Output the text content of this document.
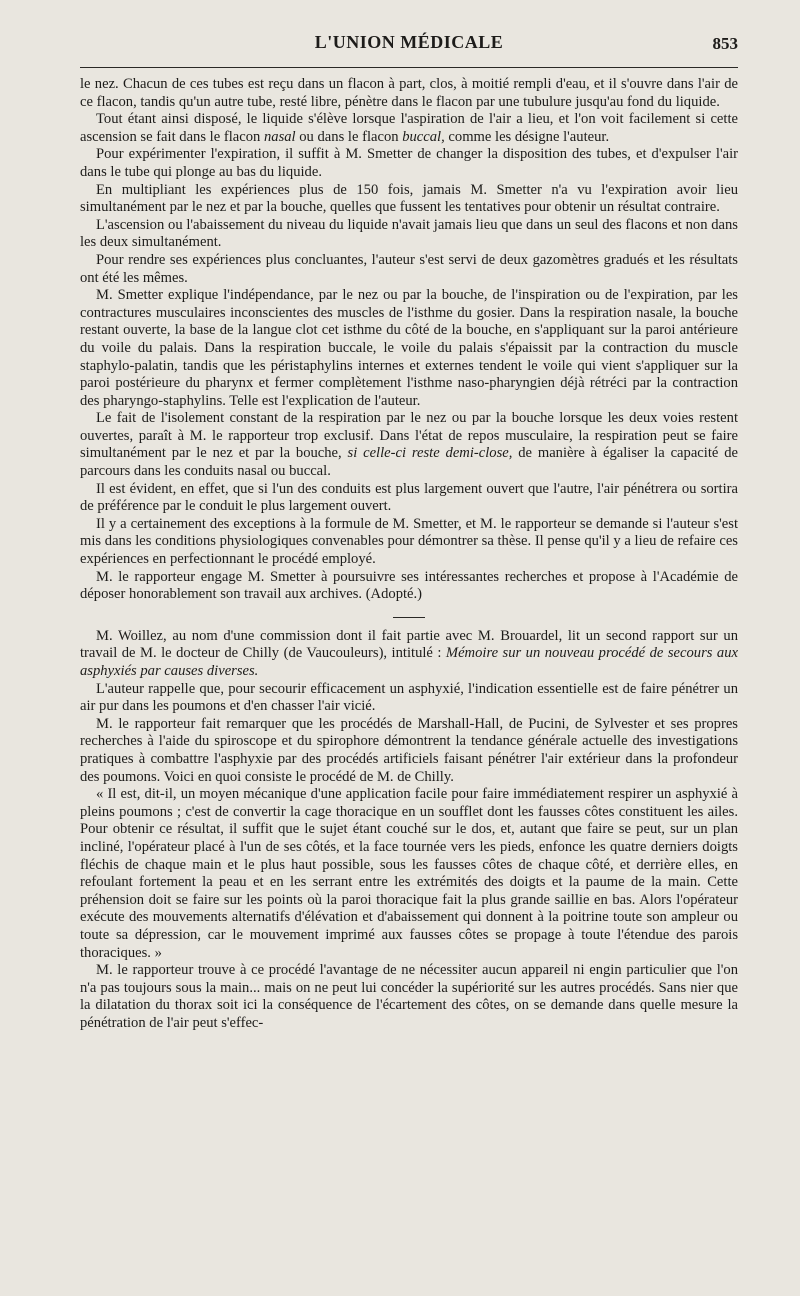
L'UNION MÉDICALE	853

le nez. Chacun de ces tubes est reçu dans un flacon à part, clos, à moitié rempli d'eau, et il s'ouvre dans l'air de ce flacon, tandis qu'un autre tube, resté libre, pénètre dans le flacon par une tubulure jusqu'au fond du liquide.

Tout étant ainsi disposé, le liquide s'élève lorsque l'aspiration de l'air a lieu, et l'on voit facilement si cette ascension se fait dans le flacon nasal ou dans le flacon buccal, comme les désigne l'auteur.

Pour expérimenter l'expiration, il suffit à M. Smetter de changer la disposition des tubes, et d'expulser l'air dans le tube qui plonge au bas du liquide.

En multipliant les expériences plus de 150 fois, jamais M. Smetter n'a vu l'expiration avoir lieu simultanément par le nez et par la bouche, quelles que fussent les tentatives pour obtenir un résultat contraire.

L'ascension ou l'abaissement du niveau du liquide n'avait jamais lieu que dans un seul des flacons et non dans les deux simultanément.

Pour rendre ses expériences plus concluantes, l'auteur s'est servi de deux gazomètres gradués et les résultats ont été les mêmes.

M. Smetter explique l'indépendance, par le nez ou par la bouche, de l'inspiration ou de l'expiration, par les contractures musculaires inconscientes des muscles de l'isthme du gosier. Dans la respiration nasale, la bouche restant ouverte, la base de la langue clot cet isthme du côté de la bouche, en s'appliquant sur la paroi antérieure du voile du palais. Dans la respiration buccale, le voile du palais s'épaissit par la contraction du muscle staphylo-palatin, tandis que les péristaphylins internes et externes tendent le voile qui vient s'appliquer sur la paroi postérieure du pharynx et fermer complètement l'isthme naso-pharyngien déjà rétréci par la contraction des pharyngo-staphylins. Telle est l'explication de l'auteur.

Le fait de l'isolement constant de la respiration par le nez ou par la bouche lorsque les deux voies restent ouvertes, paraît à M. le rapporteur trop exclusif. Dans l'état de repos musculaire, la respiration peut se faire simultanément par le nez et par la bouche, si celle-ci reste demi-close, de manière à égaliser la capacité de parcours dans les conduits nasal ou buccal.

Il est évident, en effet, que si l'un des conduits est plus largement ouvert que l'autre, l'air pénétrera ou sortira de préférence par le conduit le plus largement ouvert.

Il y a certainement des exceptions à la formule de M. Smetter, et M. le rapporteur se demande si l'auteur s'est mis dans les conditions physiologiques convenables pour démontrer sa thèse. Il pense qu'il y a lieu de refaire ces expériences en perfectionnant le procédé employé.

M. le rapporteur engage M. Smetter à poursuivre ses intéressantes recherches et propose à l'Académie de déposer honorablement son travail aux archives. (Adopté.)

M. Woillez, au nom d'une commission dont il fait partie avec M. Brouardel, lit un second rapport sur un travail de M. le docteur de Chilly (de Vaucouleurs), intitulé : Mémoire sur un nouveau procédé de secours aux asphyxiés par causes diverses.

L'auteur rappelle que, pour secourir efficacement un asphyxié, l'indication essentielle est de faire pénétrer un air pur dans les poumons et d'en chasser l'air vicié.

M. le rapporteur fait remarquer que les procédés de Marshall-Hall, de Pucini, de Sylvester et ses propres recherches à l'aide du spiroscope et du spirophore démontrent la tendance générale actuelle des investigations pratiques à combattre l'asphyxie par des procédés artificiels faisant pénétrer l'air extérieur dans la profondeur des poumons. Voici en quoi consiste le procédé de M. de Chilly.

« Il est, dit-il, un moyen mécanique d'une application facile pour faire immédiatement respirer un asphyxié à pleins poumons ; c'est de convertir la cage thoracique en un soufflet dont les fausses côtes constituent les ailes. Pour obtenir ce résultat, il suffit que le sujet étant couché sur le dos, et, autant que faire se peut, sur un plan incliné, l'opérateur placé à l'un de ses côtés, et la face tournée vers les pieds, enfonce les quatre derniers doigts fléchis de chaque main et le plus haut possible, sous les fausses côtes de chaque côté, et derrière elles, en refoulant fortement la peau et en les serrant entre les extrémités des doigts et la paume de la main. Cette préhension doit se faire sur les points où la paroi thoracique fait la plus grande saillie en bas. Alors l'opérateur exécute des mouvements alternatifs d'élévation et d'abaissement qui donnent à la poitrine toute son ampleur ou toute sa dépression, car le mouvement imprimé aux fausses côtes se propage à toute l'étendue des parois thoraciques. »

M. le rapporteur trouve à ce procédé l'avantage de ne nécessiter aucun appareil ni engin particulier que l'on n'a pas toujours sous la main... mais on ne peut lui concéder la supériorité sur les autres procédés. Sans nier que la dilatation du thorax soit ici la conséquence de l'écartement des côtes, on se demande dans quelle mesure la pénétration de l'air peut s'effec-
